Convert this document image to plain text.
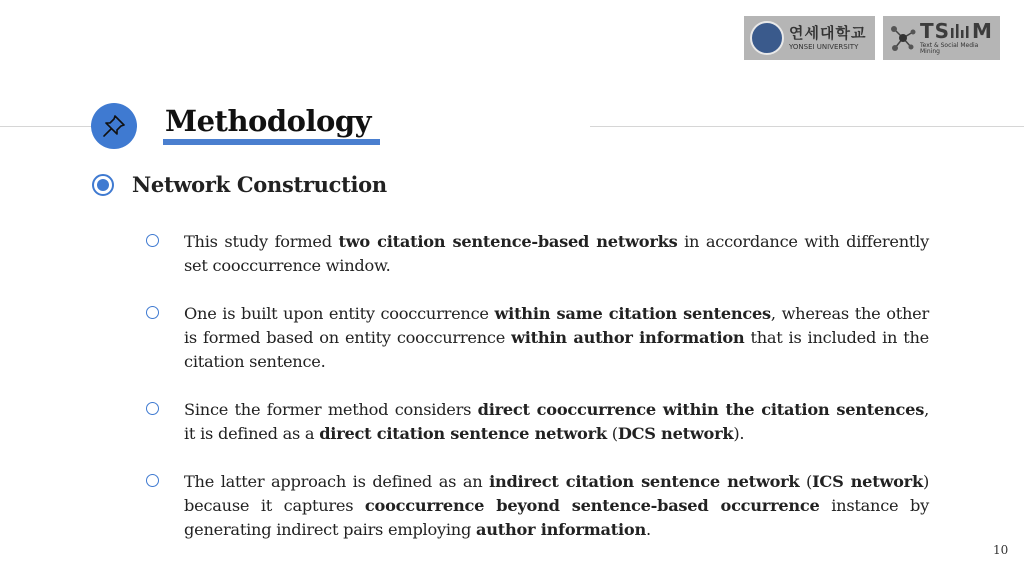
연세대학교
YONSEI UNIVERSITY
TS M
Text & Social Media Mining
Methodology
Network Construction
This study formed two citation sentence-based networks in accordance with differently set cooccurrence window.
One is built upon entity cooccurrence within same citation sentences, whereas the other is formed based on entity cooccurrence within author information that is included in the citation sentence.
Since the former method considers direct cooccurrence within the citation sentences, it is defined as a direct citation sentence network (DCS network).
The latter approach is defined as an indirect citation sentence network (ICS network) because it captures cooccurrence beyond sentence-based occurrence instance by generating indirect pairs employing author information.
10
